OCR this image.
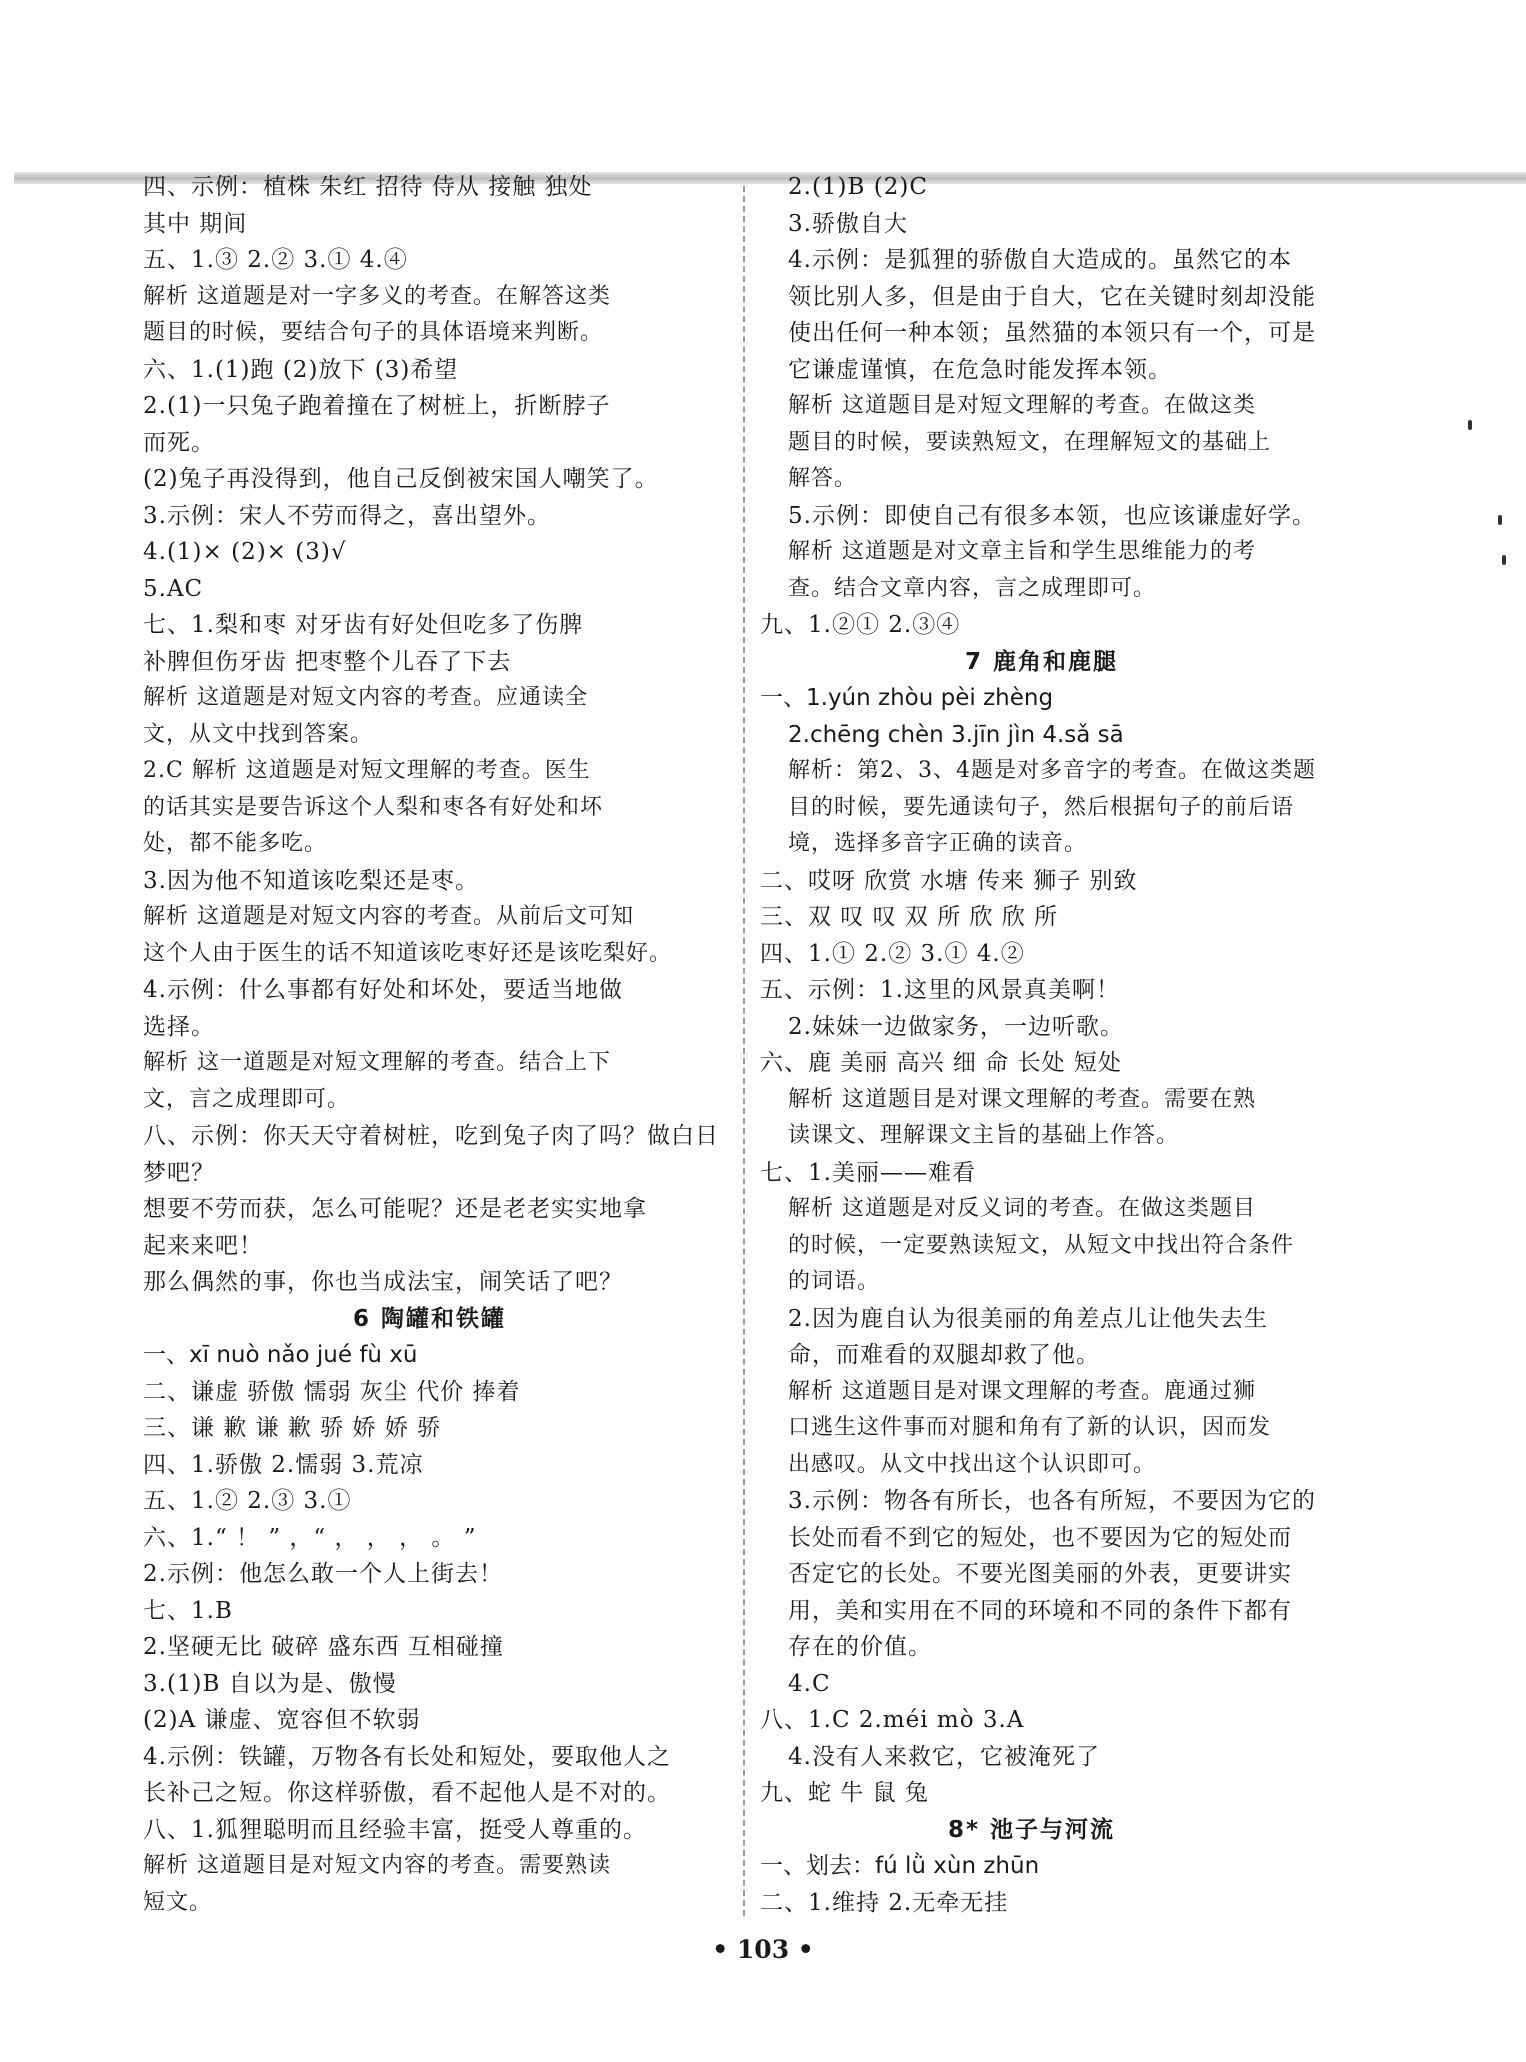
四、示例：植株 朱红 招待 侍从 接触 独处
其中 期间
五、1.③ 2.② 3.① 4.④
解析 这道题是对一字多义的考查。在解答这类
题目的时候，要结合句子的具体语境来判断。
六、1.(1)跑 (2)放下 (3)希望
2.(1)一只兔子跑着撞在了树桩上，折断脖子
而死。
(2)兔子再没得到，他自己反倒被宋国人嘲笑了。
3.示例：宋人不劳而得之，喜出望外。
4.(1)× (2)× (3)√
5.AC
七、1.梨和枣 对牙齿有好处但吃多了伤脾
补脾但伤牙齿 把枣整个儿吞了下去
解析 这道题是对短文内容的考查。应通读全
文，从文中找到答案。
2.C 解析 这道题是对短文理解的考查。医生
的话其实是要告诉这个人梨和枣各有好处和坏
处，都不能多吃。
3.因为他不知道该吃梨还是枣。
解析 这道题是对短文内容的考查。从前后文可知
这个人由于医生的话不知道该吃枣好还是该吃梨好。
4.示例：什么事都有好处和坏处，要适当地做
选择。
解析 这一道题是对短文理解的考查。结合上下
文，言之成理即可。
八、示例：你天天守着树桩，吃到兔子肉了吗？做白日
梦吧？
想要不劳而获，怎么可能呢？还是老老实实地拿
起来来吧！
那么偶然的事，你也当成法宝，闹笑话了吧？
6 陶罐和铁罐
一、xī nuò nǎo jué fù xū
二、谦虚 骄傲 懦弱 灰尘 代价 捧着
三、谦 歉 谦 歉 骄 娇 娇 骄
四、1.骄傲 2.懦弱 3.荒凉
五、1.② 2.③ 3.①
六、1.“ ！ ” ，“ ， ， ， 。 ”
2.示例：他怎么敢一个人上街去！
七、1.B
2.坚硬无比 破碎 盛东西 互相碰撞
3.(1)B 自以为是、傲慢
(2)A 谦虚、宽容但不软弱
4.示例：铁罐，万物各有长处和短处，要取他人之
长补己之短。你这样骄傲，看不起他人是不对的。
八、1.狐狸聪明而且经验丰富，挺受人尊重的。
解析 这道题目是对短文内容的考查。需要熟读
短文。
2.(1)B (2)C
3.骄傲自大
4.示例：是狐狸的骄傲自大造成的。虽然它的本
领比别人多，但是由于自大，它在关键时刻却没能
使出任何一种本领；虽然猫的本领只有一个，可是
它谦虚谨慎，在危急时能发挥本领。
解析 这道题目是对短文理解的考查。在做这类
题目的时候，要读熟短文，在理解短文的基础上
解答。
5.示例：即使自己有很多本领，也应该谦虚好学。
解析 这道题是对文章主旨和学生思维能力的考
查。结合文章内容，言之成理即可。
九、1.②① 2.③④
7 鹿角和鹿腿
一、1.yún zhòu pèi zhèng
2.chēng chèn 3.jīn jìn 4.sǎ sā
解析：第2、3、4题是对多音字的考查。在做这类题
目的时候，要先通读句子，然后根据句子的前后语
境，选择多音字正确的读音。
二、哎呀 欣赏 水塘 传来 狮子 别致
三、双 叹 叹 双 所 欣 欣 所
四、1.① 2.② 3.① 4.②
五、示例：1.这里的风景真美啊！
2.妹妹一边做家务，一边听歌。
六、鹿 美丽 高兴 细 命 长处 短处
解析 这道题目是对课文理解的考查。需要在熟
读课文、理解课文主旨的基础上作答。
七、1.美丽——难看
解析 这道题是对反义词的考查。在做这类题目
的时候，一定要熟读短文，从短文中找出符合条件
的词语。
2.因为鹿自认为很美丽的角差点儿让他失去生
命，而难看的双腿却救了他。
解析 这道题目是对课文理解的考查。鹿通过狮
口逃生这件事而对腿和角有了新的认识，因而发
出感叹。从文中找出这个认识即可。
3.示例：物各有所长，也各有所短，不要因为它的
长处而看不到它的短处，也不要因为它的短处而
否定它的长处。不要光图美丽的外表，更要讲实
用，美和实用在不同的环境和不同的条件下都有
存在的价值。
4.C
八、1.C 2.méi mò 3.A
4.没有人来救它，它被淹死了
九、蛇 牛 鼠 兔
8* 池子与河流
一、划去：fú lǜ xùn zhūn
二、1.维持 2.无牵无挂
• 103 •
